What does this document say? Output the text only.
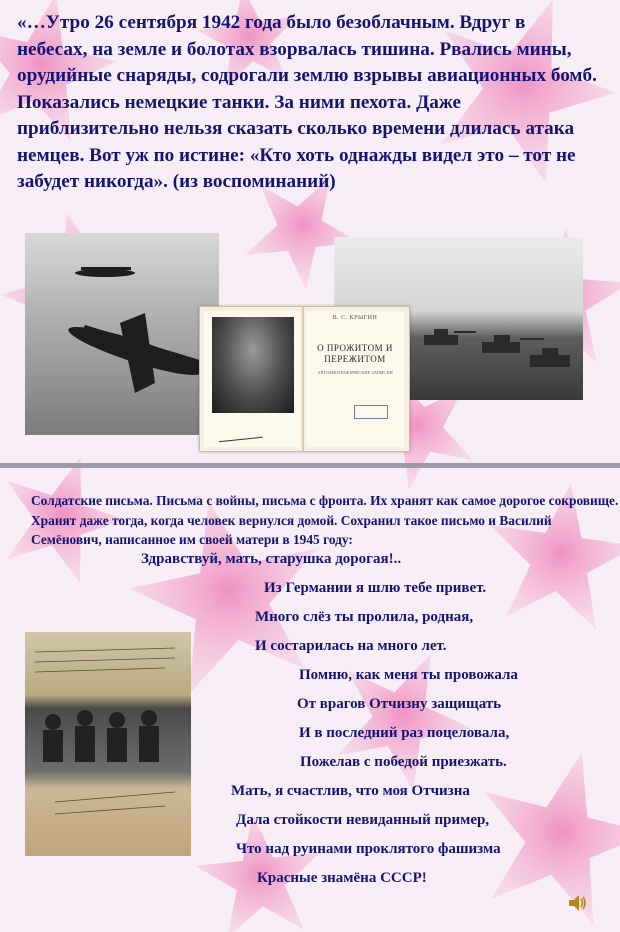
«…Утро 26 сентября 1942 года было безоблачным. Вдруг в небесах, на земле и болотах взорвалась тишина. Рвались мины, орудийные снаряды, содрогали землю взрывы авиационных бомб. Показались немецкие танки. За ними пехота. Даже приблизительно нельзя сказать сколько времени длилась атака немцев. Вот уж по истине: «Кто хоть однажды видел это – тот не забудет никогда». (из воспоминаний)

В. С. КРЫГИН
О ПРОЖИТОМ И ПЕРЕЖИТОМ
АВТОБИОГРАФИЧЕСКИЕ ЗАПИСКИ

Солдатские письма. Письма с войны, письма с фронта. Их хранят как самое дорогое сокровище. Хранят даже тогда, когда человек вернулся домой. Сохранил такое письмо и Василий Семёнович, написанное им своей матери в 1945 году:

Здравствуй, мать, старушка дорогая!..

Из Германии я шлю тебе привет.

Много слёз ты пролила, родная,

И состарилась на много лет.

Помню, как меня ты провожала

От врагов Отчизну защищать

И в последний раз поцеловала,

Пожелав с победой приезжать.

Мать, я счастлив, что моя Отчизна

Дала стойкости невиданный пример,

Что над руинами проклятого фашизма

Красные знамёна СССР!
